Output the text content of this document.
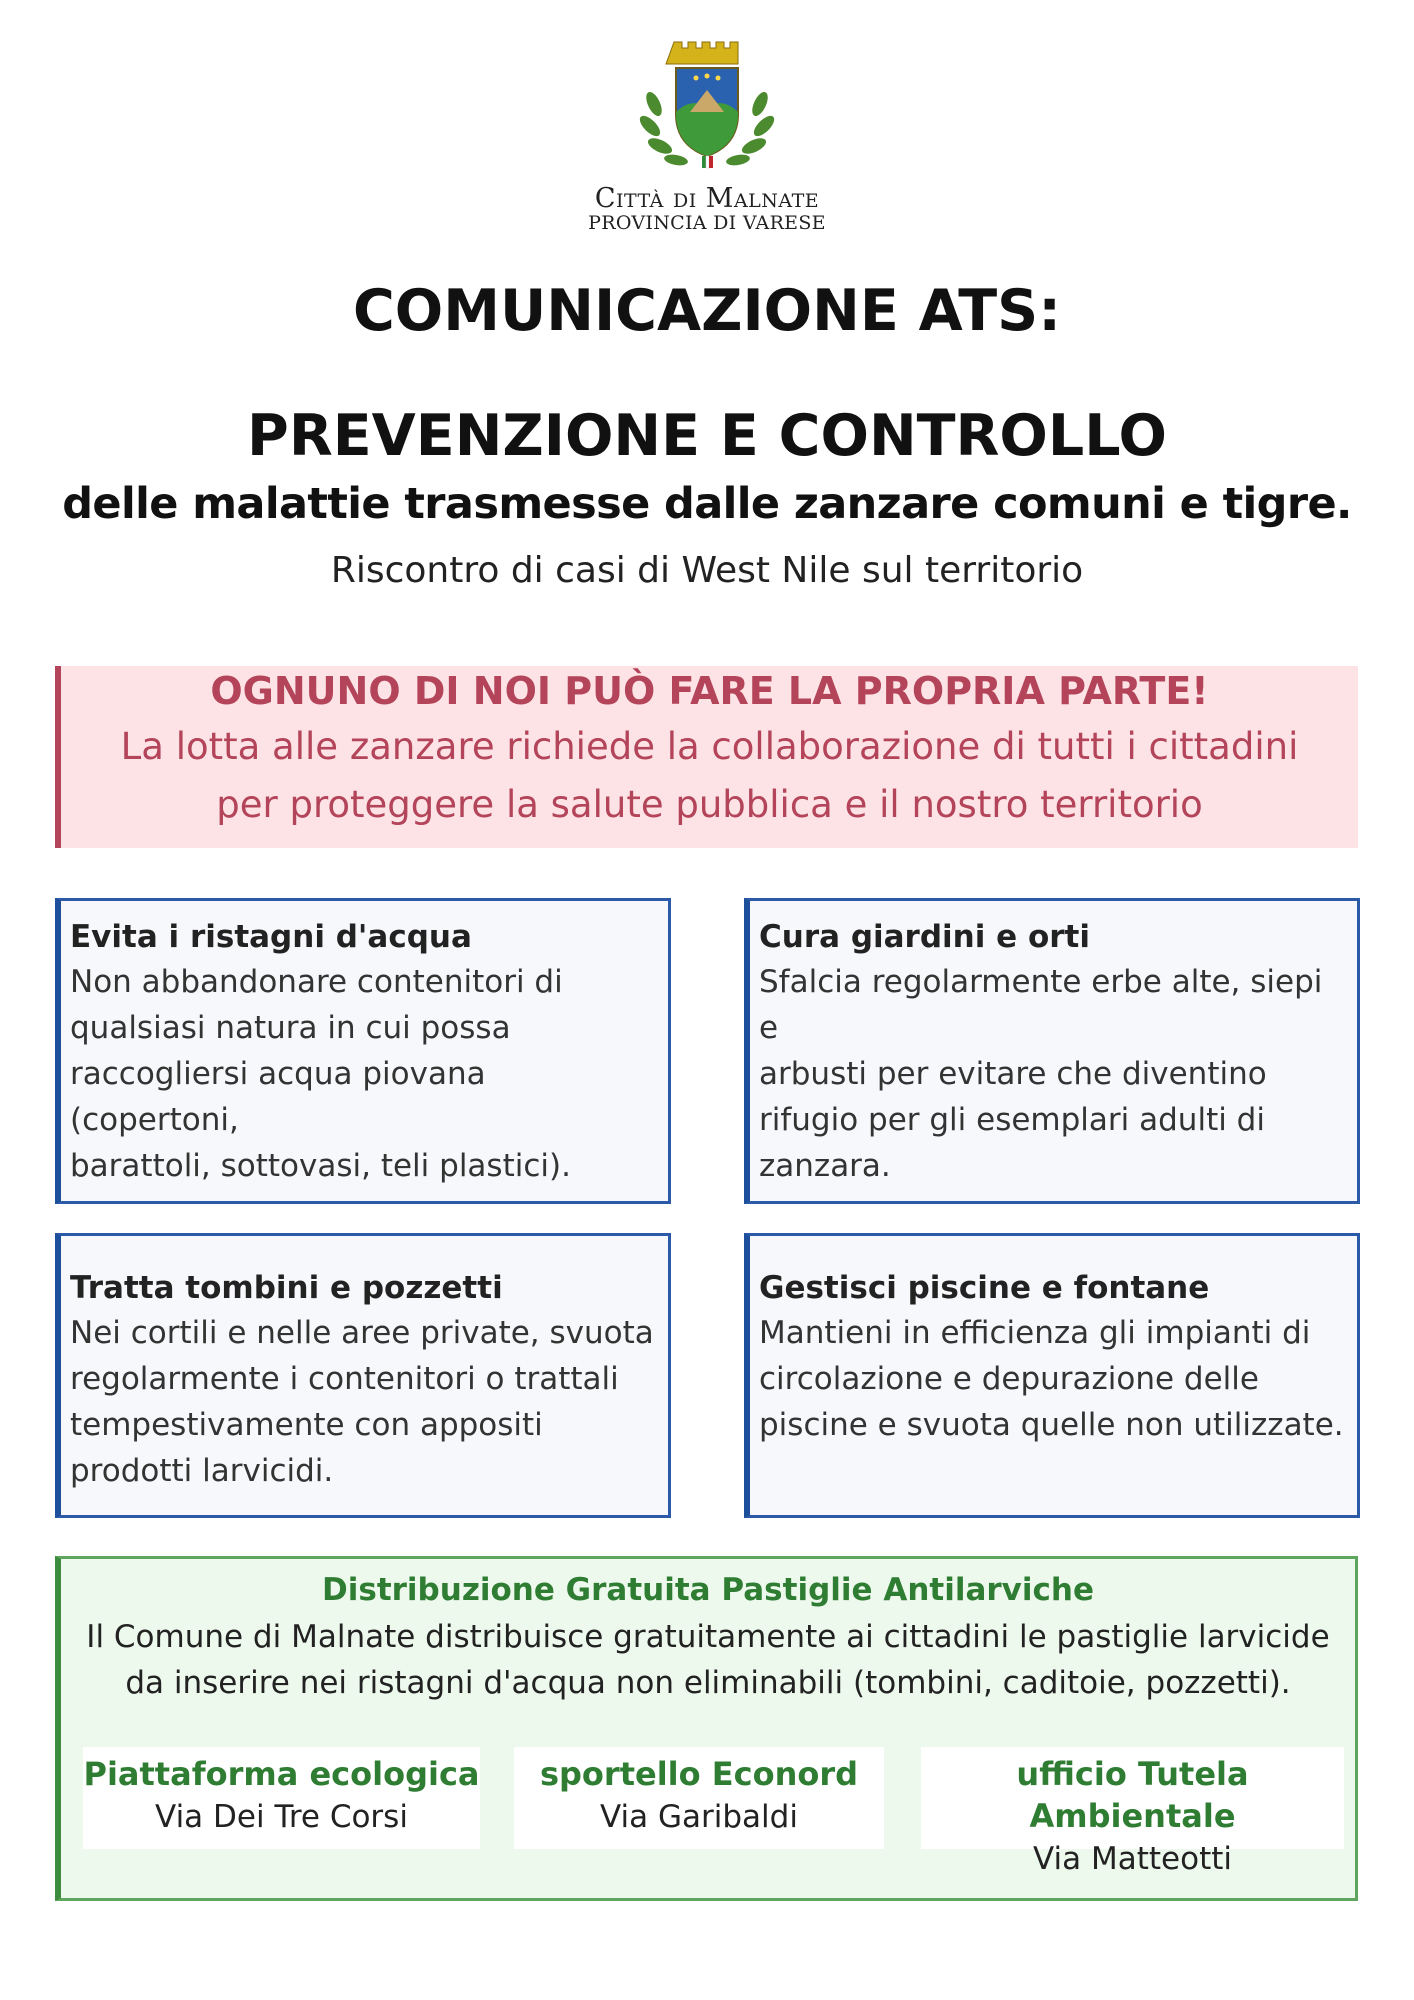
Città di Malnate
PROVINCIA DI VARESE
COMUNICAZIONE ATS:
PREVENZIONE E CONTROLLO
delle malattie trasmesse dalle zanzare comuni e tigre.
Riscontro di casi di West Nile sul territorio
OGNUNO DI NOI PUÒ FARE LA PROPRIA PARTE!
La lotta alle zanzare richiede la collaborazione di tutti i cittadini
per proteggere la salute pubblica e il nostro territorio
Evita i ristagni d'acqua
Non abbandonare contenitori di
qualsiasi natura in cui possa
raccogliersi acqua piovana (copertoni,
barattoli, sottovasi, teli plastici).
Cura giardini e orti
Sfalcia regolarmente erbe alte, siepi e
arbusti per evitare che diventino
rifugio per gli esemplari adulti di
zanzara.
Tratta tombini e pozzetti
Nei cortili e nelle aree private, svuota
regolarmente i contenitori o trattali
tempestivamente con appositi
prodotti larvicidi.
Gestisci piscine e fontane
Mantieni in efficienza gli impianti di
circolazione e depurazione delle
piscine e svuota quelle non utilizzate.
Distribuzione Gratuita Pastiglie Antilarviche
Il Comune di Malnate distribuisce gratuitamente ai cittadini le pastiglie larvicide
da inserire nei ristagni d'acqua non eliminabili (tombini, caditoie, pozzetti).
Piattaforma ecologica
Via Dei Tre Corsi
sportello Econord
Via Garibaldi
ufficio Tutela Ambientale
Via Matteotti
